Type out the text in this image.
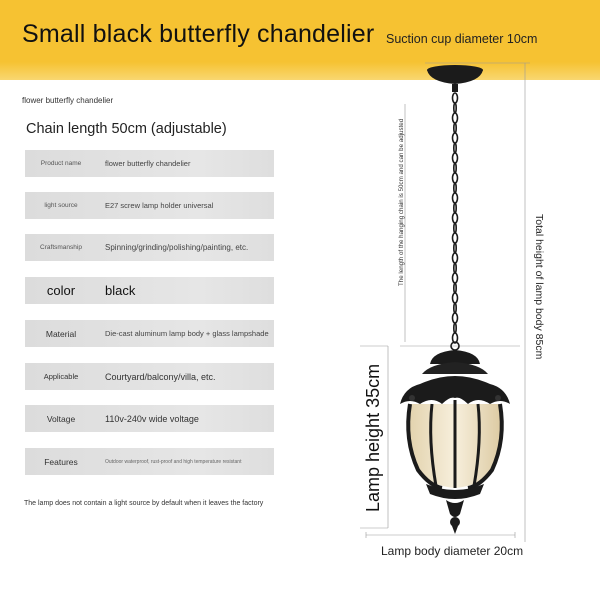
Small black butterfly chandelier Suction cup diameter 10cm
flower butterfly chandelier
Chain length 50cm (adjustable)
Product name	flower butterfly chandelier
light source	E27 screw lamp holder universal
Craftsmanship	Spinning/grinding/polishing/painting, etc.
color	black
Material	Die-cast aluminum lamp body + glass lampshade
Applicable	Courtyard/balcony/villa, etc.
Voltage	110v-240v wide voltage
Features	Outdoor waterproof, rust-proof and high temperature resistant
The lamp does not contain a light source by default when it leaves the factory
The length of the hanging chain is 50cm and can be adjusted
Total height of lamp body 85cm
Lamp height 35cm
Lamp body diameter 20cm
